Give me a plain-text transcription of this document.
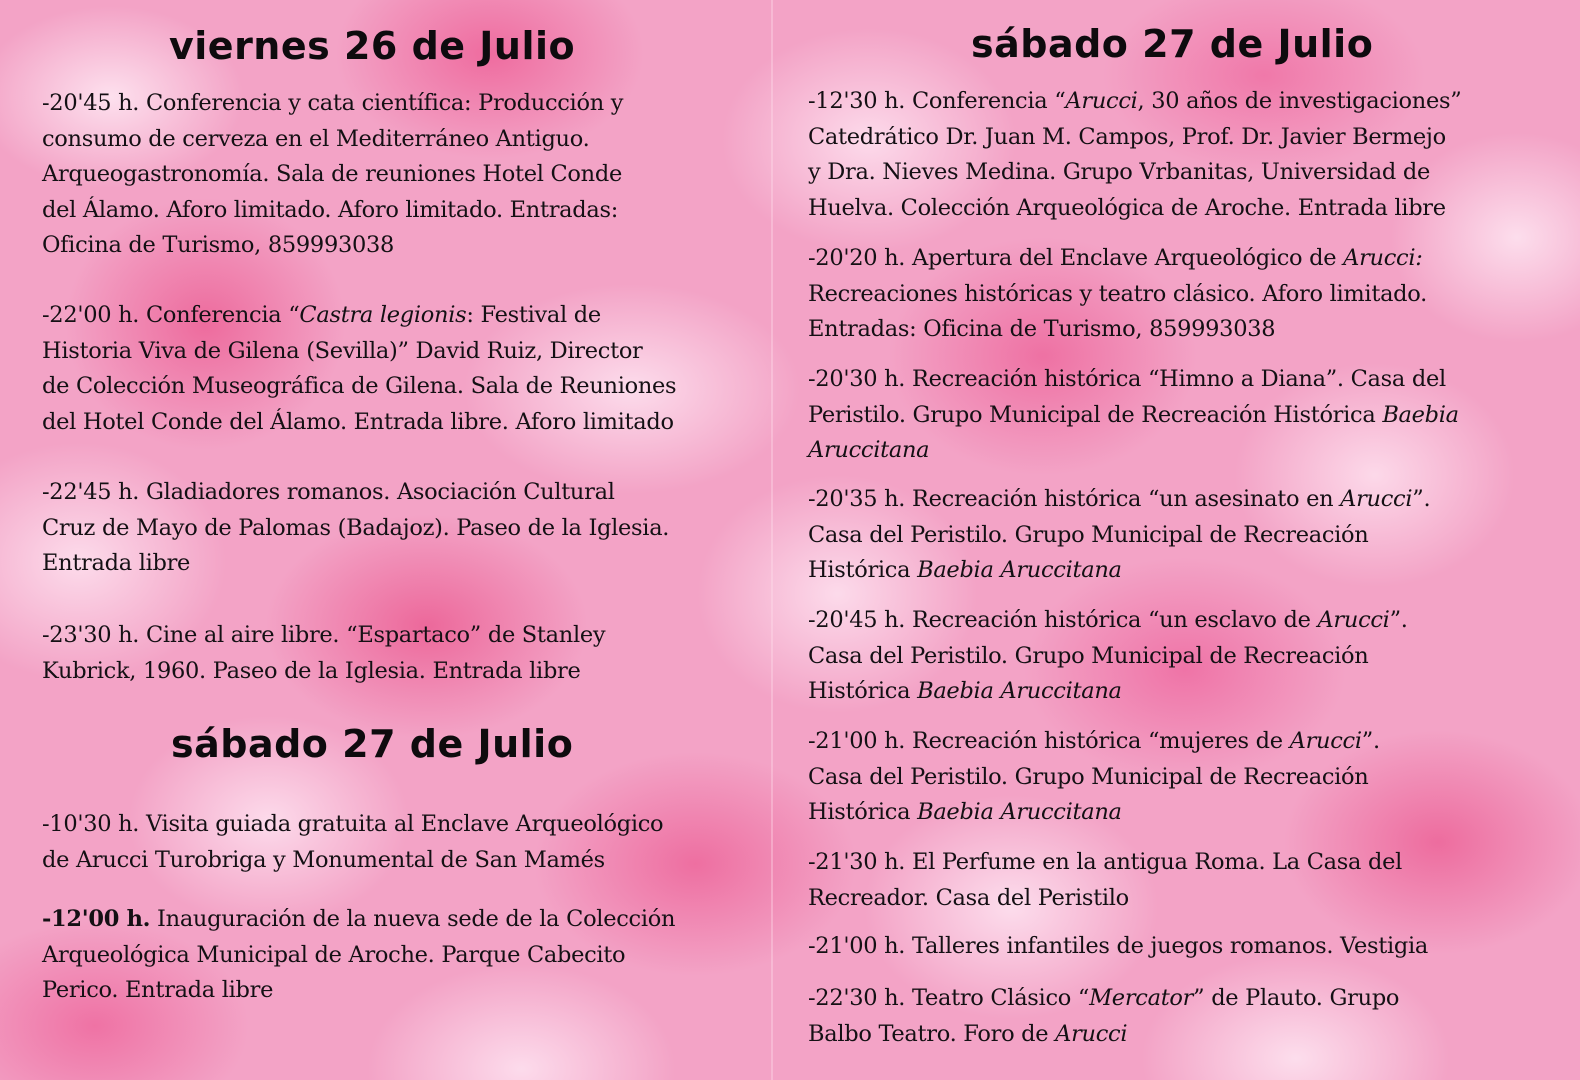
viernes 26 de Julio

-20'45 h. Conferencia y cata científica: Producción y
consumo de cerveza en el Mediterráneo Antiguo.
Arqueogastronomía. Sala de reuniones Hotel Conde
del Álamo. Aforo limitado. Aforo limitado. Entradas:
Oficina de Turismo, 859993038

-22'00 h. Conferencia “Castra legionis: Festival de
Historia Viva de Gilena (Sevilla)” David Ruiz, Director
de Colección Museográfica de Gilena. Sala de Reuniones
del Hotel Conde del Álamo. Entrada libre. Aforo limitado

-22'45 h. Gladiadores romanos. Asociación Cultural
Cruz de Mayo de Palomas (Badajoz). Paseo de la Iglesia.
Entrada libre

-23'30 h. Cine al aire libre. “Espartaco” de Stanley
Kubrick, 1960. Paseo de la Iglesia. Entrada libre

sábado 27 de Julio

-10'30 h. Visita guiada gratuita al Enclave Arqueológico
de Arucci Turobriga y Monumental de San Mamés

-12'00 h. Inauguración de la nueva sede de la Colección
Arqueológica Municipal de Aroche. Parque Cabecito
Perico. Entrada libre

sábado 27 de Julio

-12'30 h. Conferencia “Arucci, 30 años de investigaciones”
Catedrático Dr. Juan M. Campos, Prof. Dr. Javier Bermejo
y Dra. Nieves Medina. Grupo Vrbanitas, Universidad de
Huelva. Colección Arqueológica de Aroche. Entrada libre

-20'20 h. Apertura del Enclave Arqueológico de Arucci:
Recreaciones históricas y teatro clásico. Aforo limitado.
Entradas: Oficina de Turismo, 859993038

-20'30 h. Recreación histórica “Himno a Diana”. Casa del
Peristilo. Grupo Municipal de Recreación Histórica Baebia
Aruccitana

-20'35 h. Recreación histórica “un asesinato en Arucci”.
Casa del Peristilo. Grupo Municipal de Recreación
Histórica Baebia Aruccitana

-20'45 h. Recreación histórica “un esclavo de Arucci”.
Casa del Peristilo. Grupo Municipal de Recreación
Histórica Baebia Aruccitana

-21'00 h. Recreación histórica “mujeres de Arucci”.
Casa del Peristilo. Grupo Municipal de Recreación
Histórica Baebia Aruccitana

-21'30 h. El Perfume en la antigua Roma. La Casa del
Recreador. Casa del Peristilo

-21'00 h. Talleres infantiles de juegos romanos. Vestigia

-22'30 h. Teatro Clásico “Mercator” de Plauto. Grupo
Balbo Teatro. Foro de Arucci
